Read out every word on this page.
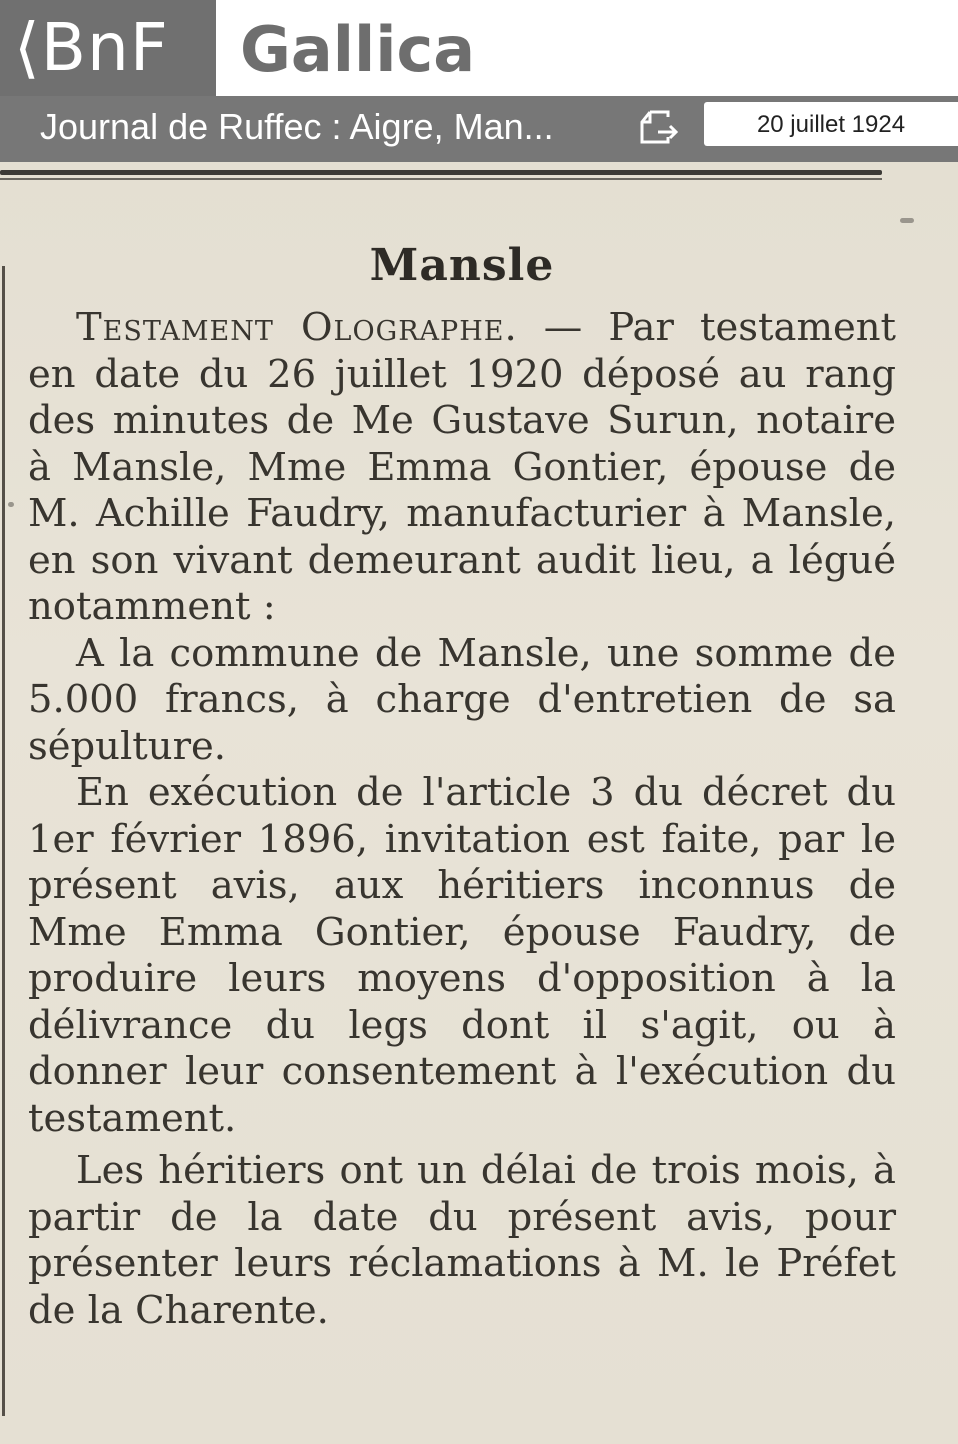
⟨BnF	Gallica
Journal de Ruffec : Aigre, Man...	20 juillet 1924
Mansle

Testament Olographe. — Par testament en date du 26 juillet 1920 déposé au rang des minutes de Me Gustave Surun, notaire à Mansle, Mme Emma Gontier, épouse de M. Achille Faudry, manufacturier à Mansle, en son vivant demeurant audit lieu, a légué notamment :

A la commune de Mansle, une somme de 5.000 francs, à charge d'entretien de sa sépulture.

En exécution de l'article 3 du décret du 1er février 1896, invitation est faite, par le présent avis, aux héritiers inconnus de Mme Emma Gontier, épouse Faudry, de produire leurs moyens d'opposition à la délivrance du legs dont il s'agit, ou à donner leur consentement à l'exécution du testament.

Les héritiers ont un délai de trois mois, à partir de la date du présent avis, pour présenter leurs réclamations à M. le Préfet de la Charente.
